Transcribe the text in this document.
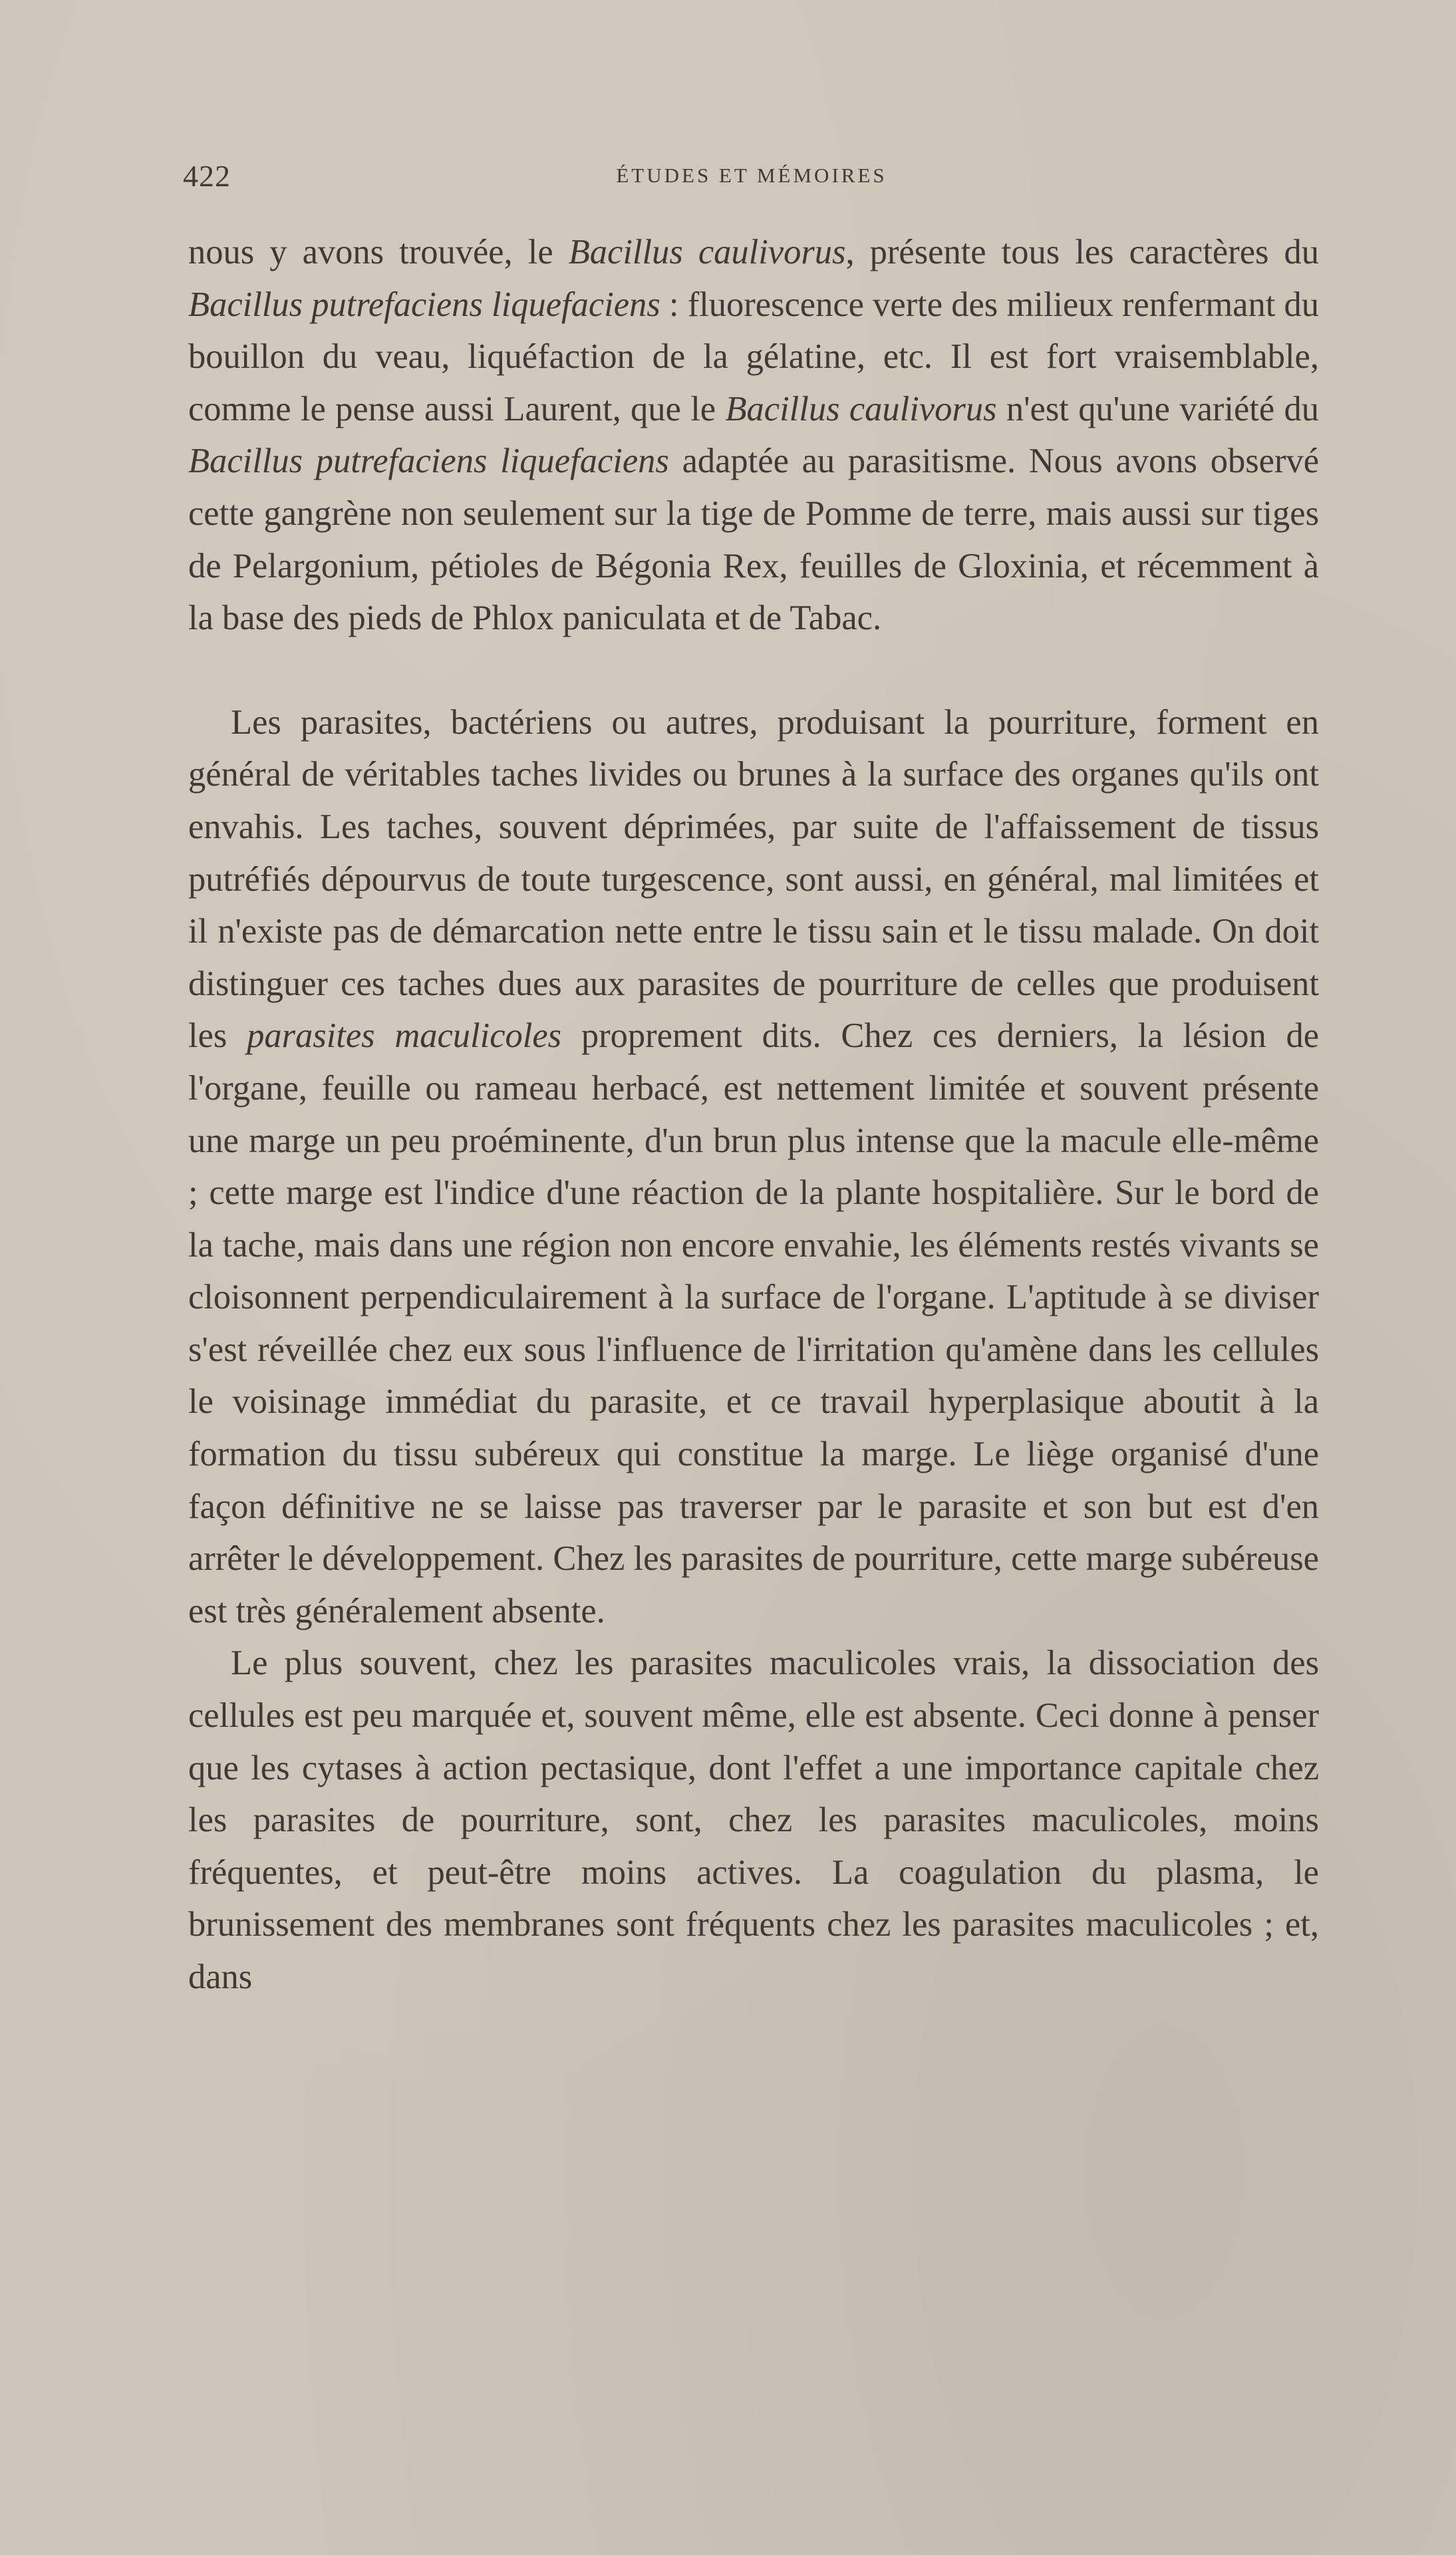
422	ÉTUDES ET MÉMOIRES

nous y avons trouvée, le Bacillus caulivorus, présente tous les caractères du Bacillus putrefaciens liquefaciens : fluorescence verte des milieux renfermant du bouillon du veau, liquéfaction de la gélatine, etc. Il est fort vraisemblable, comme le pense aussi Laurent, que le Bacillus caulivorus n'est qu'une variété du Bacillus putrefaciens liquefaciens adaptée au parasitisme. Nous avons observé cette gangrène non seulement sur la tige de Pomme de terre, mais aussi sur tiges de Pelargonium, pétioles de Bégonia Rex, feuilles de Gloxinia, et récemment à la base des pieds de Phlox paniculata et de Tabac.

Les parasites, bactériens ou autres, produisant la pourriture, forment en général de véritables taches livides ou brunes à la surface des organes qu'ils ont envahis. Les taches, souvent déprimées, par suite de l'affaissement de tissus putréfiés dépourvus de toute turgescence, sont aussi, en général, mal limitées et il n'existe pas de démarcation nette entre le tissu sain et le tissu malade. On doit distinguer ces taches dues aux parasites de pourriture de celles que produisent les parasites maculicoles proprement dits. Chez ces derniers, la lésion de l'organe, feuille ou rameau herbacé, est nettement limitée et souvent présente une marge un peu proéminente, d'un brun plus intense que la macule elle-même ; cette marge est l'indice d'une réaction de la plante hospitalière. Sur le bord de la tache, mais dans une région non encore envahie, les éléments restés vivants se cloisonnent perpendiculairement à la surface de l'organe. L'aptitude à se diviser s'est réveillée chez eux sous l'influence de l'irritation qu'amène dans les cellules le voisinage immédiat du parasite, et ce travail hyperplasique aboutit à la formation du tissu subéreux qui constitue la marge. Le liège organisé d'une façon définitive ne se laisse pas traverser par le parasite et son but est d'en arrêter le développement. Chez les parasites de pourriture, cette marge subéreuse est très généralement absente.

Le plus souvent, chez les parasites maculicoles vrais, la dissociation des cellules est peu marquée et, souvent même, elle est absente. Ceci donne à penser que les cytases à action pectasique, dont l'effet a une importance capitale chez les parasites de pourriture, sont, chez les parasites maculicoles, moins fréquentes, et peut-être moins actives. La coagulation du plasma, le brunissement des membranes sont fréquents chez les parasites maculicoles ; et, dans
